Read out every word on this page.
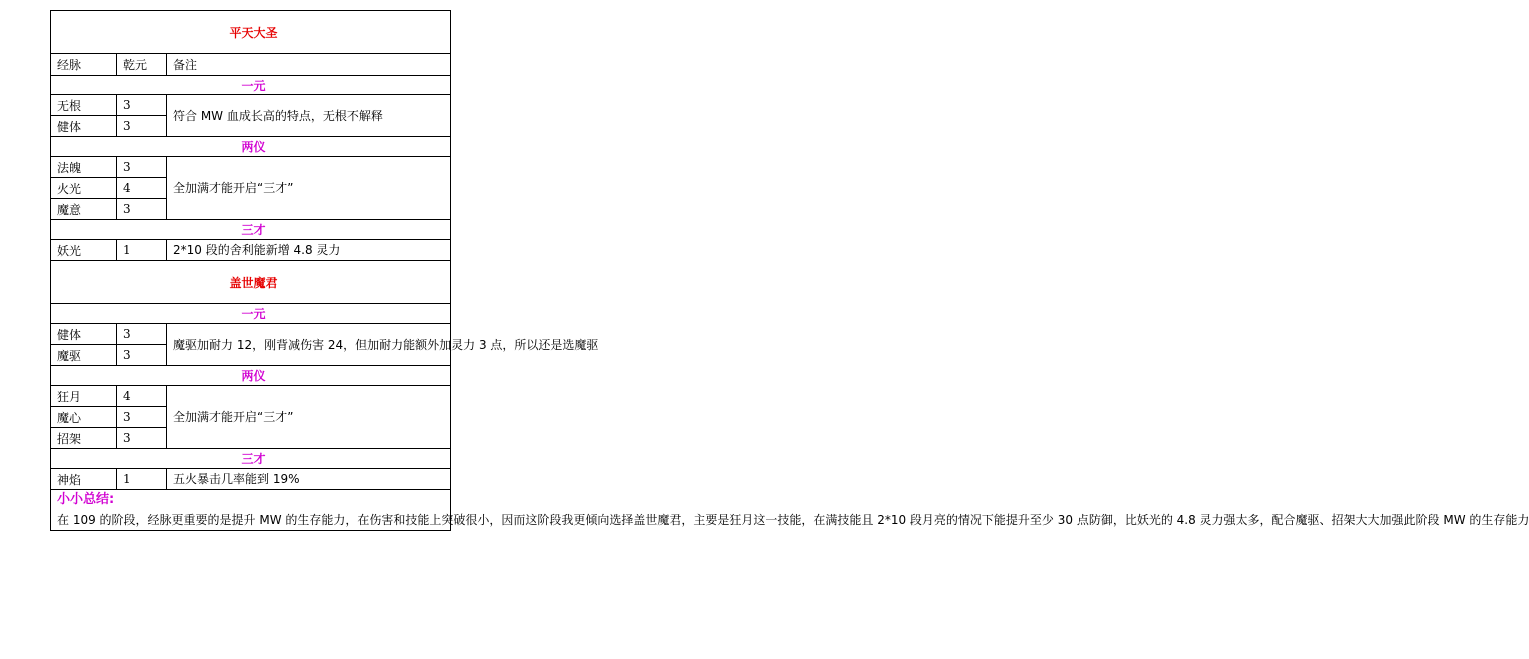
平天大圣		
经脉	乾元	备注
一元		
无根	3	符合 MW 血成长高的特点，无根不解释
健体	3	
两仪		
法魄	3	全加满才能开启“三才”
火光	4	
魔意	3	
三才		
妖光	1	2*10 段的舍利能新增 4.8 灵力
盖世魔君		
一元		
健体	3	魔驱加耐力 12，刚背减伤害 24，但加耐力能额外加灵力 3 点，所以还是选魔驱
魔驱	3	
两仪		
狂月	4	全加满才能开启“三才”
魔心	3	
招架	3	
三才		
神焰	1	五火暴击几率能到 19%

小小总结:
在 109 的阶段，经脉更重要的是提升 MW 的生存能力，在伤害和技能上突破很小，因而这阶段我更倾向选择盖世魔君，主要是狂月这一技能，在满技能且 2*10 段月亮的情况下能提升至少 30 点防御，比妖光的 4.8 灵力强太多，配合魔驱、招架大大加强此阶段 MW 的生存能力		
